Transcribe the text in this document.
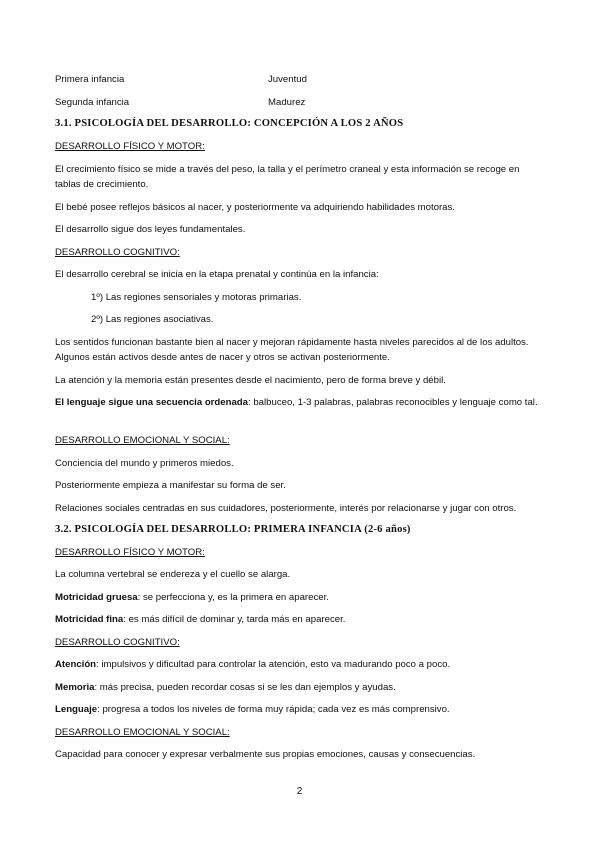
Primera infancia	Juventud
Segunda infancia	Madurez
3.1. PSICOLOGÍA DEL DESARROLLO: CONCEPCIÓN A LOS 2 AÑOS
DESARROLLO FÍSICO Y MOTOR:
El crecimiento físico se mide a través del peso, la talla y el perímetro craneal y esta información se recoge en tablas de crecimiento.
El bebé posee reflejos básicos al nacer, y posteriormente va adquiriendo habilidades motoras.
El desarrollo sigue dos leyes fundamentales.
DESARROLLO COGNITIVO:
El desarrollo cerebral se inicia en la etapa prenatal y continúa en la infancia:
1º) Las regiones sensoriales y motoras primarias.
2º) Las regiones asociativas.
Los sentidos funcionan bastante bien al nacer y mejoran rápidamente hasta niveles parecidos al de los adultos. Algunos están activos desde antes de nacer y otros se activan posteriormente.
La atención y la memoria están presentes desde el nacimiento, pero de forma breve y débil.
El lenguaje sigue una secuencia ordenada: balbuceo, 1-3 palabras, palabras reconocibles y lenguaje como tal.
DESARROLLO EMOCIONAL Y SOCIAL:
Conciencia del mundo y primeros miedos.
Posteriormente empieza a manifestar su forma de ser.
Relaciones sociales centradas en sus cuidadores, posteriormente, interés por relacionarse y jugar con otros.
3.2. PSICOLOGÍA DEL DESARROLLO: PRIMERA INFANCIA (2-6 años)
DESARROLLO FÍSICO Y MOTOR:
La columna vertebral se endereza y el cuello se alarga.
Motricidad gruesa: se perfecciona y, es la primera en aparecer.
Motricidad fina: es más difícil de dominar y, tarda más en aparecer.
DESARROLLO COGNITIVO:
Atención: impulsivos y dificultad para controlar la atención, esto va madurando poco a poco.
Memoria: más precisa, pueden recordar cosas si se les dan ejemplos y ayudas.
Lenguaje: progresa a todos los niveles de forma muy rápida; cada vez es más comprensivo.
DESARROLLO EMOCIONAL Y SOCIAL:
Capacidad para conocer y expresar verbalmente sus propias emociones, causas y consecuencias.
2
